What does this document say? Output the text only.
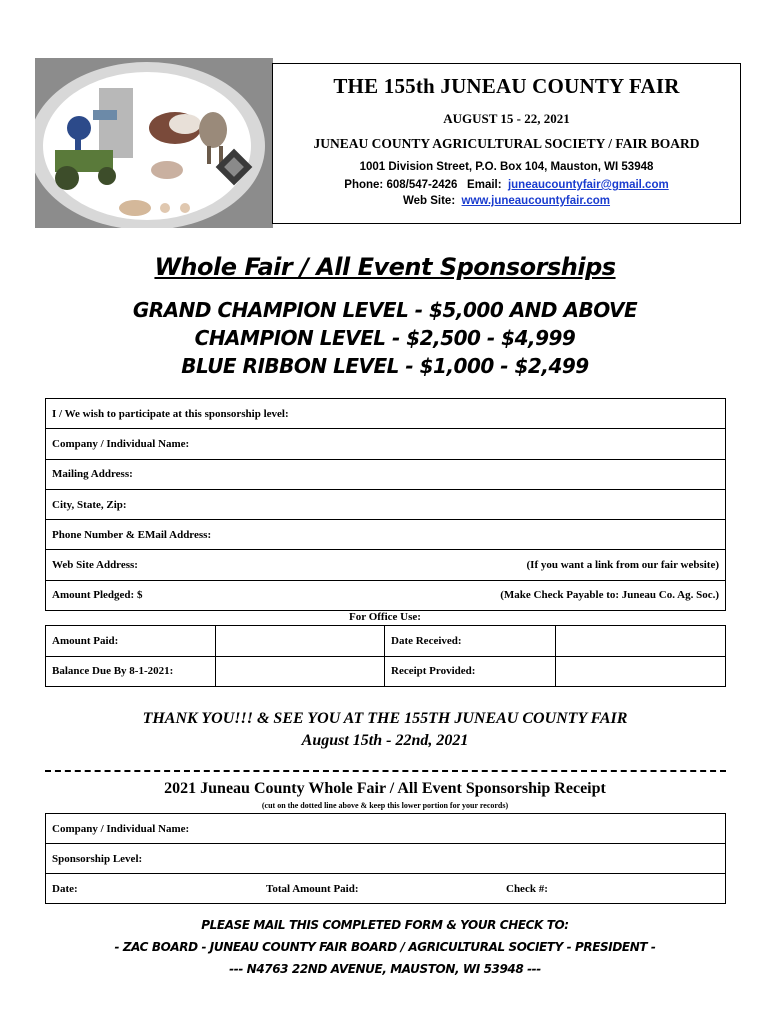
THE 155th JUNEAU COUNTY FAIR
AUGUST 15 - 22, 2021
JUNEAU COUNTY AGRICULTURAL SOCIETY / FAIR BOARD
1001 Division Street, P.O. Box 104, Mauston, WI 53948
Phone: 608/547-2426 Email: juneaucountyfair@gmail.com
Web Site: www.juneaucountyfair.com
Whole Fair / All Event Sponsorships
GRAND CHAMPION LEVEL - $5,000 AND ABOVE
CHAMPION LEVEL - $2,500 - $4,999
BLUE RIBBON LEVEL - $1,000 - $2,499
I / We wish to participate at this sponsorship level:
Company / Individual Name:
Mailing Address:
City, State, Zip:
Phone Number & EMail Address:
Web Site Address:	(If you want a link from our fair website)

Amount Pledged: $	(Make Check Payable to: Juneau Co. Ag. Soc.)
For Office Use:
Amount Paid:		Date Received:	
Balance Due By 8-1-2021:		Receipt Provided:	
THANK YOU!!! & SEE YOU AT THE 155TH JUNEAU COUNTY FAIR
August 15th - 22nd, 2021
2021 Juneau County Whole Fair / All Event Sponsorship Receipt
(cut on the dotted line above & keep this lower portion for your records)
Company / Individual Name:
Sponsorship Level:
Date:	Total Amount Paid:	Check #:
PLEASE MAIL THIS COMPLETED FORM & YOUR CHECK TO:
- ZAC BOARD - JUNEAU COUNTY FAIR BOARD / AGRICULTURAL SOCIETY - PRESIDENT -
--- N4763 22ND AVENUE, MAUSTON, WI 53948 ---
